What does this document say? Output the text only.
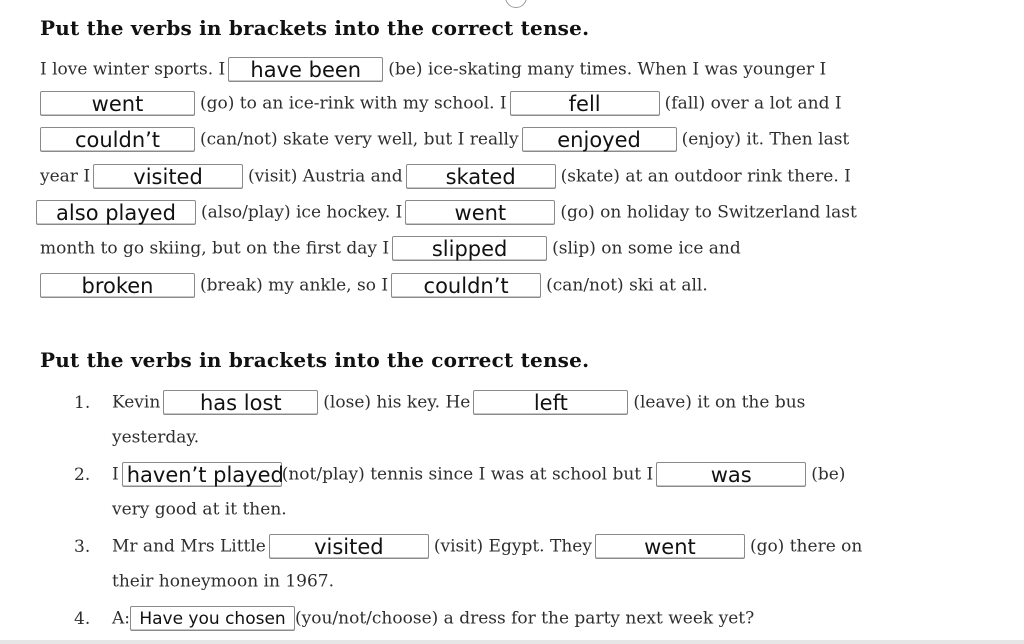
Put the verbs in brackets into the correct tense.
I love winter sports. I have been (be) ice-skating many times. When I was younger I
went	(go) to an ice-rink with my school. I	fell	(fall) over a lot and I
couldn’t (can/not) skate very well, but I really enjoyed (enjoy) it. Then last
year I visited	(visit) Austria and skated	(skate) at an outdoor rink there. I
also played (also/play) ice hockey. I went	(go) on holiday to Switzerland last
month to go skiing, but on the first day I slipped	(slip) on some ice and
broken	(break) my ankle, so I couldn’t (can/not) ski at all.
Put the verbs in brackets into the correct tense.
1. Kevin has lost (lose) his key. He	left	(leave) it on the bus
yesterday.
2. I haven’t played(not/play) tennis since I was at school but I	was	(be)
very good at it then.
3. Mr and Mrs Little visited	(visit) Egypt. They went	(go) there on
their honeymoon in 1967.
4. A: Have you chosen (you/not/choose) a dress for the party next week yet?
